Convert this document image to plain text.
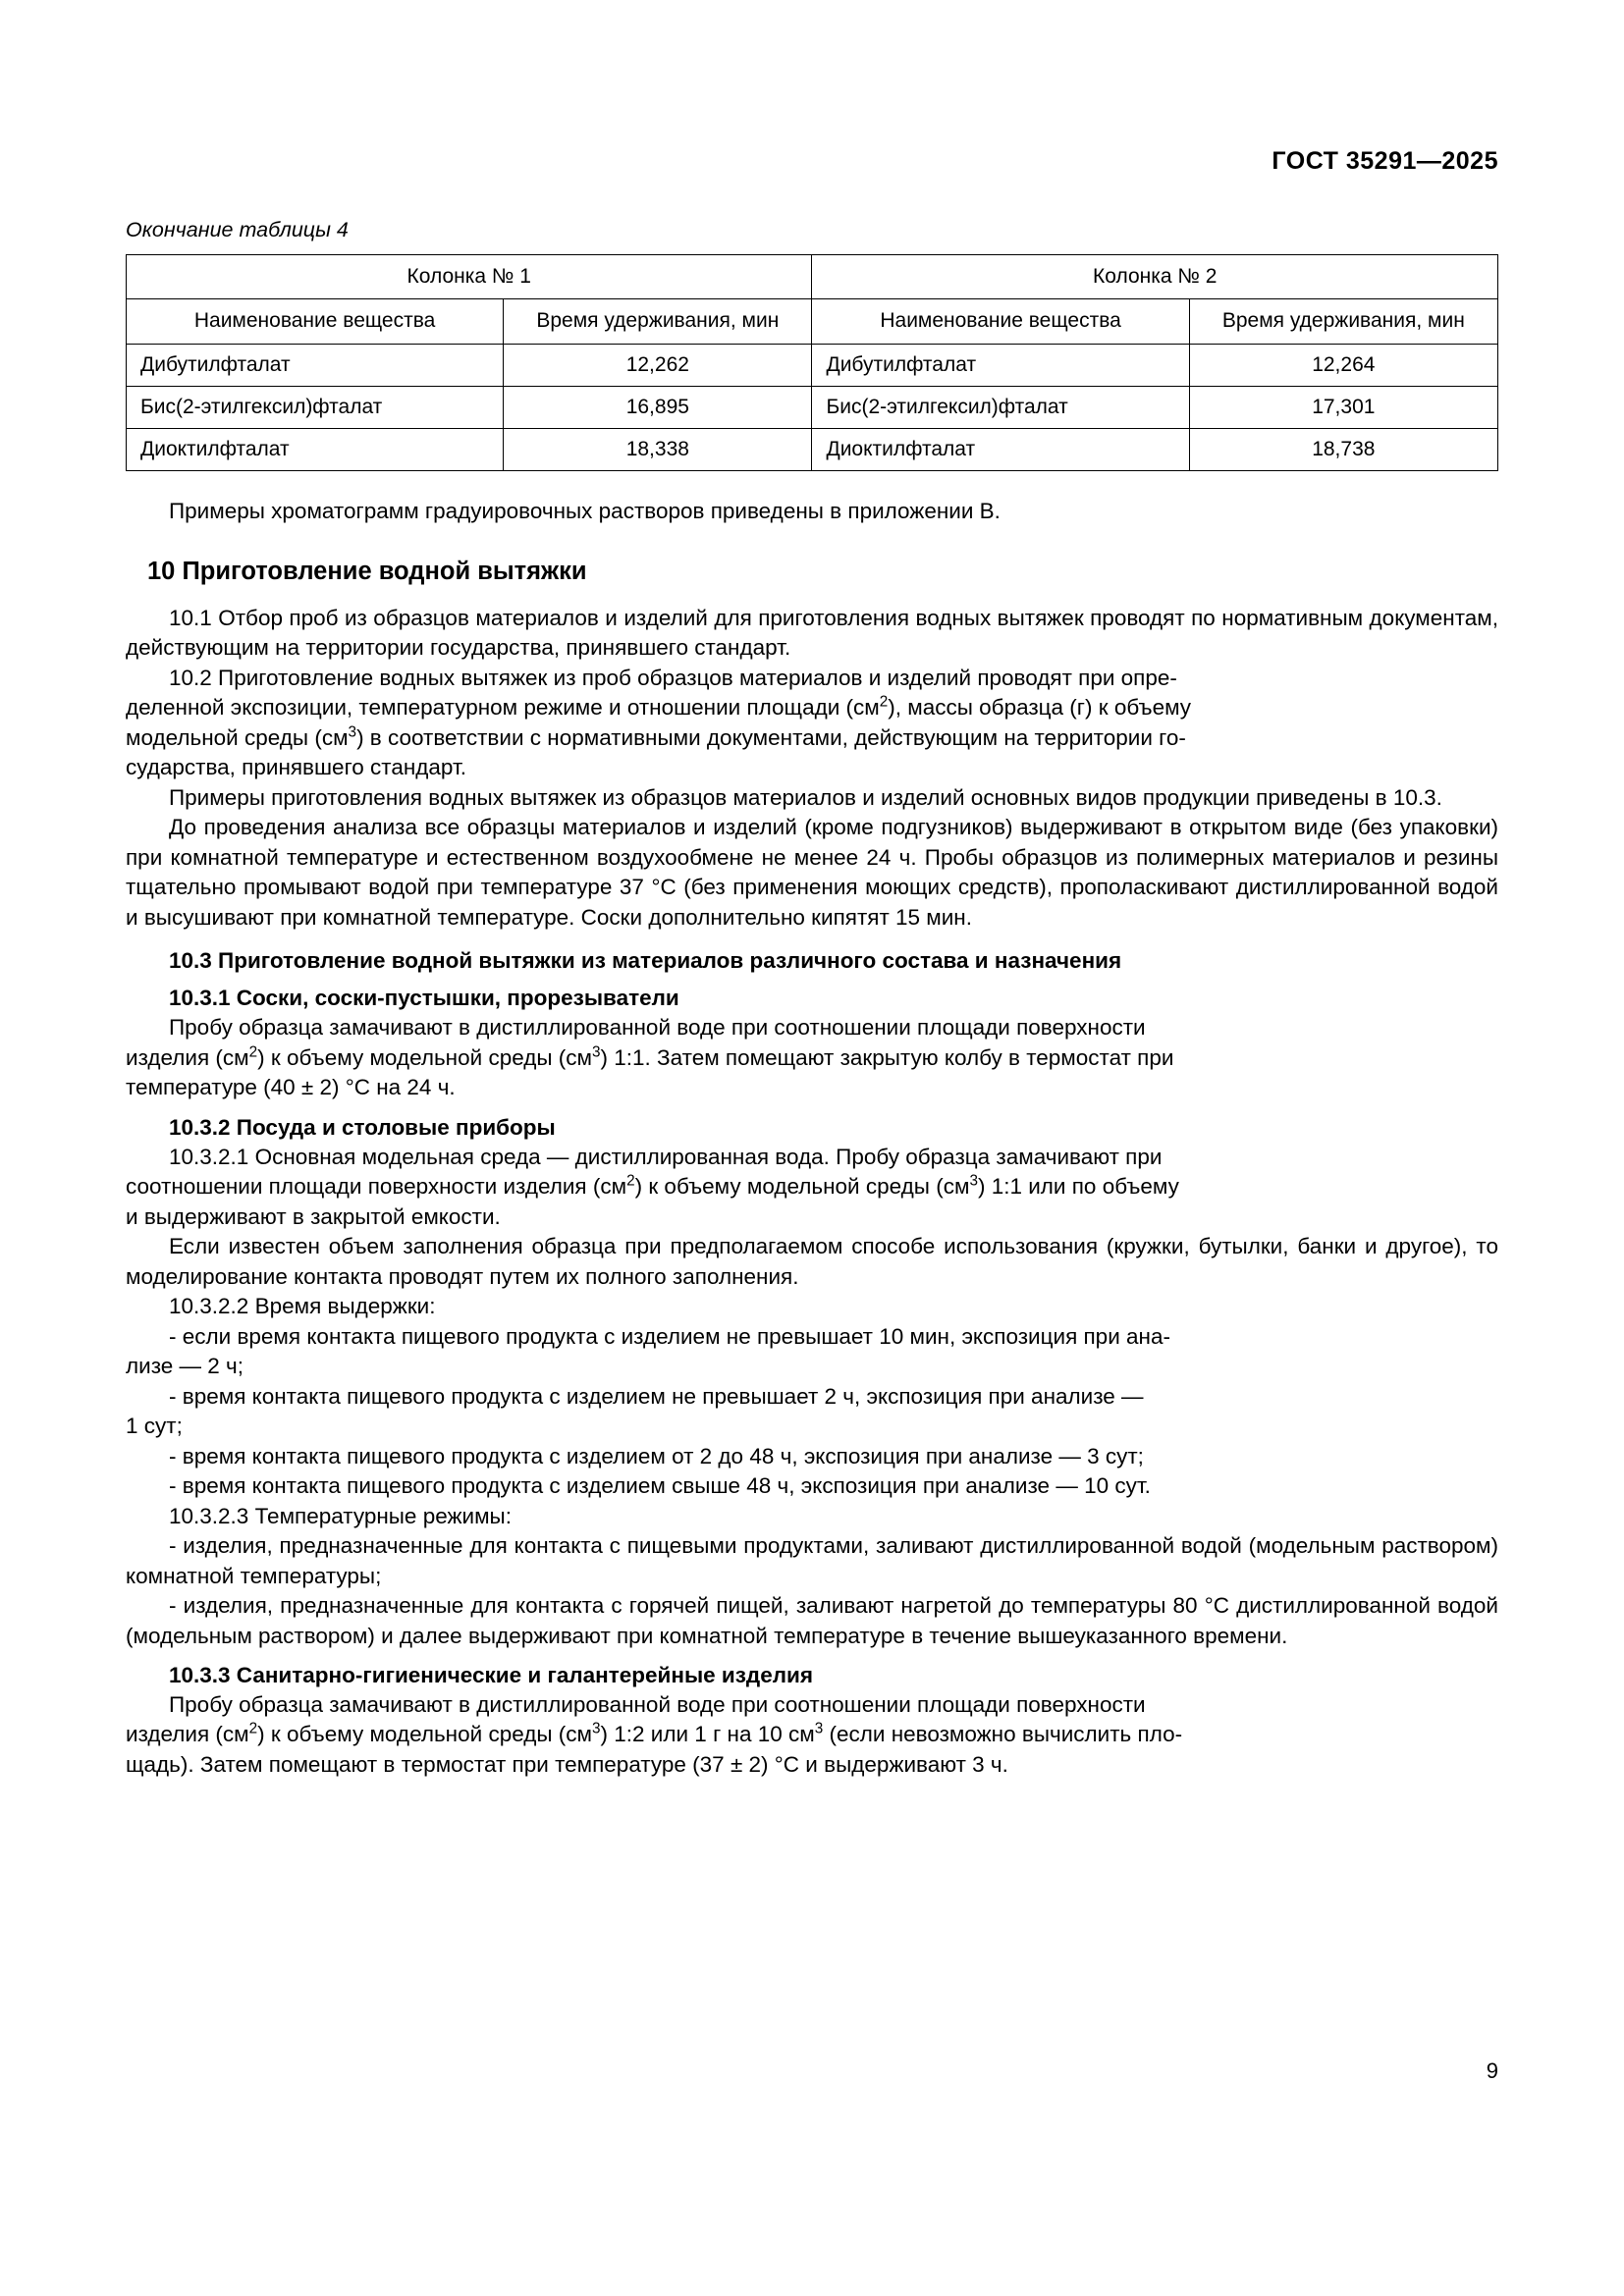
ГОСТ 35291—2025
Окончание таблицы 4
Колонка № 1		Колонка № 2	
Наименование вещества	Время удерживания, мин	Наименование вещества	Время удерживания, мин
Дибутилфталат	12,262	Дибутилфталат	12,264
Бис(2-этилгексил)фталат	16,895	Бис(2-этилгексил)фталат	17,301
Диоктилфталат	18,338	Диоктилфталат	18,738

Примеры хроматограмм градуировочных растворов приведены в приложении В.

10 Приготовление водной вытяжки

10.1 Отбор проб из образцов материалов и изделий для приготовления водных вытяжек проводят по нормативным документам, действующим на территории государства, принявшего стандарт.

10.2 Приготовление водных вытяжек из проб образцов материалов и изделий проводят при опре-

деленной экспозиции, температурном режиме и отношении площади $(см^2)$, массы образца (г) к объему

модельной среды $(см^3)$ в соответствии с нормативными документами, действующим на территории го-

сударства, принявшего стандарт.

Примеры приготовления водных вытяжек из образцов материалов и изделий основных видов продукции приведены в 10.3.

До проведения анализа все образцы материалов и изделий (кроме подгузников) выдерживают в открытом виде (без упаковки) при комнатной температуре и естественном воздухообмене не менее 24 ч. Пробы образцов из полимерных материалов и резины тщательно промывают водой при температуре 37 °С (без применения моющих средств), прополаскивают дистиллированной водой и высушивают при комнатной температуре. Соски дополнительно кипятят 15 мин.

10.3 Приготовление водной вытяжки из материалов различного состава и назначения
10.3.1 Соски, соски-пустышки, прорезыватели

Пробу образца замачивают в дистиллированной воде при соотношении площади поверхности

изделия $(см^2)$ к объему модельной среды $(см^3)$ 1:1. Затем помещают закрытую колбу в термостат при

температуре (40 ± 2) °С на 24 ч.

10.3.2 Посуда и столовые приборы

10.3.2.1 Основная модельная среда — дистиллированная вода. Пробу образца замачивают при

соотношении площади поверхности изделия $(см^2)$ к объему модельной среды $(см^3)$ 1:1 или по объему

и выдерживают в закрытой емкости.

Если известен объем заполнения образца при предполагаемом способе использования (кружки, бутылки, банки и другое), то моделирование контакта проводят путем их полного заполнения.

10.3.2.2 Время выдержки:

- если время контакта пищевого продукта с изделием не превышает 10 мин, экспозиция при ана-

лизе — 2 ч;

- время контакта пищевого продукта с изделием не превышает 2 ч, экспозиция при анализе —

1 сут;

- время контакта пищевого продукта с изделием от 2 до 48 ч, экспозиция при анализе — 3 сут;

- время контакта пищевого продукта с изделием свыше 48 ч, экспозиция при анализе — 10 сут.

10.3.2.3 Температурные режимы:

- изделия, предназначенные для контакта с пищевыми продуктами, заливают дистиллированной водой (модельным раствором) комнатной температуры;

- изделия, предназначенные для контакта с горячей пищей, заливают нагретой до температуры 80 °С дистиллированной водой (модельным раствором) и далее выдерживают при комнатной температуре в течение вышеуказанного времени.

10.3.3 Санитарно-гигиенические и галантерейные изделия

Пробу образца замачивают в дистиллированной воде при соотношении площади поверхности

изделия $(см^2)$ к объему модельной среды $(см^3)$ 1:2 или 1 г на 10 $см^3$ (если невозможно вычислить пло-

щадь). Затем помещают в термостат при температуре (37 ± 2) °С и выдерживают 3 ч.

9
